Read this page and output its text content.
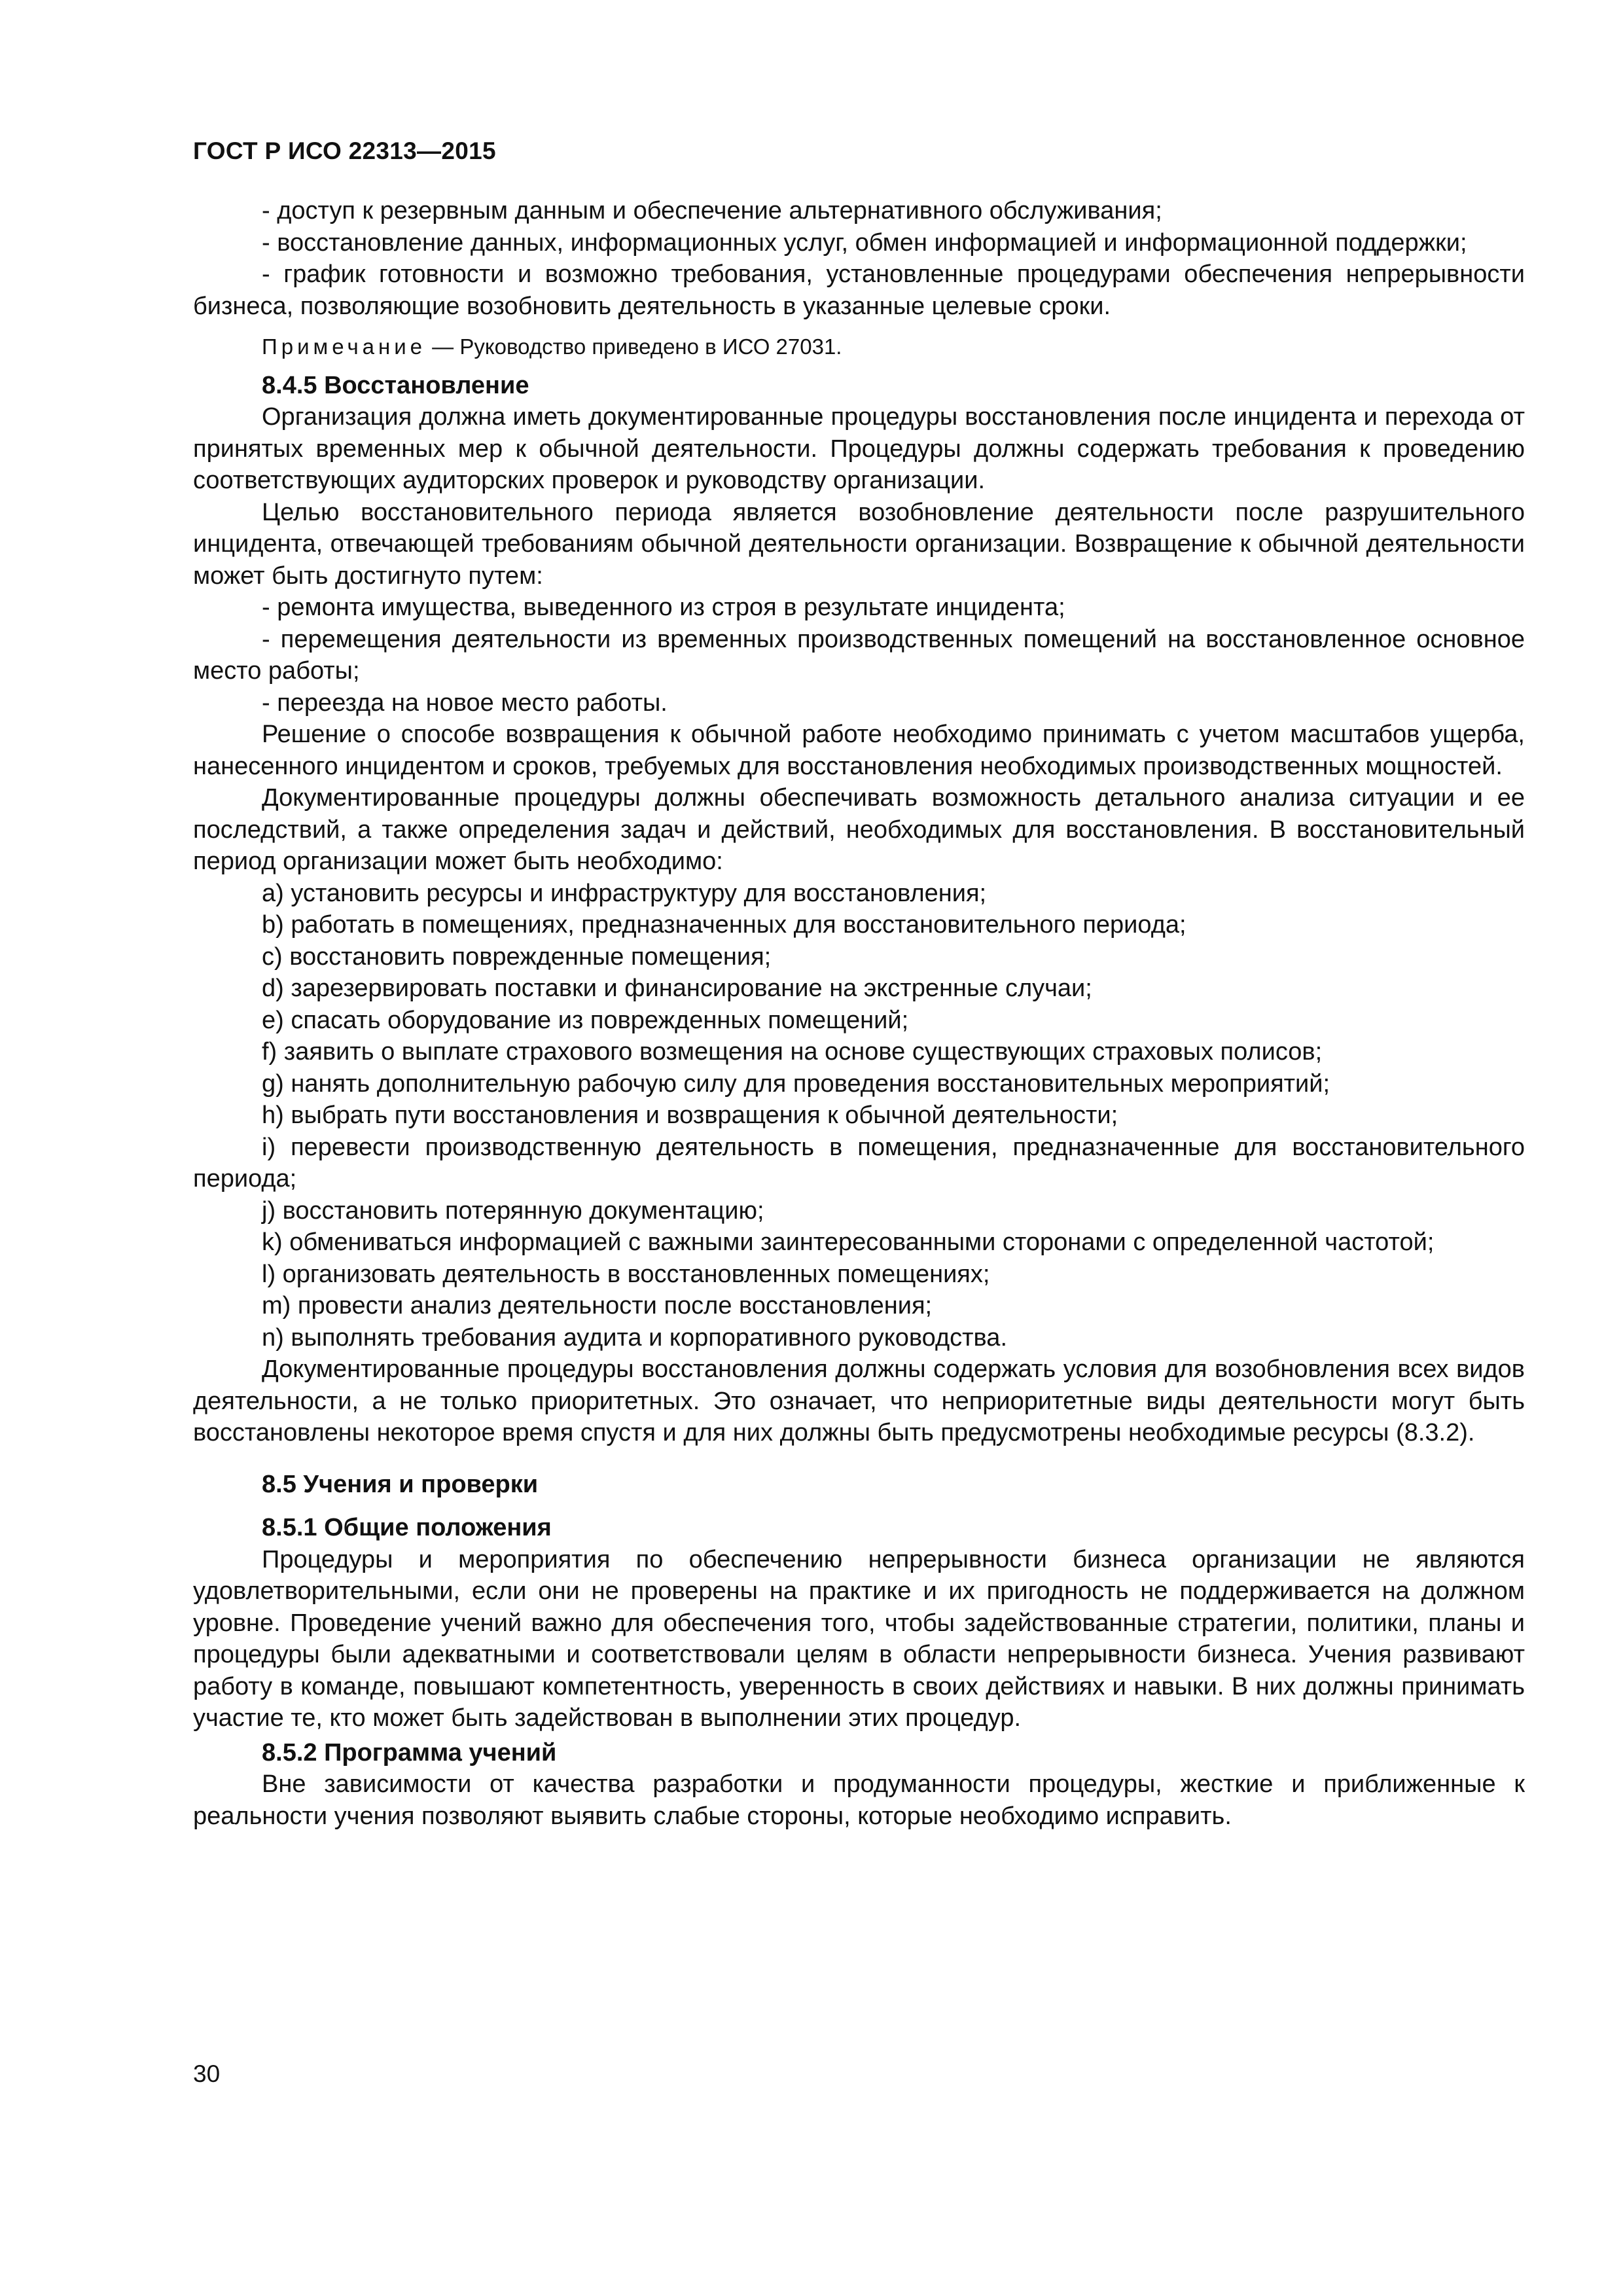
ГОСТ Р ИСО 22313—2015

- доступ к резервным данным и обеспечение альтернативного обслуживания;

- восстановление данных, информационных услуг, обмен информацией и информационной поддержки;

- график готовности и возможно требования, установленные процедурами обеспечения непрерывности бизнеса, позволяющие возобновить деятельность в указанные целевые сроки.

Примечание — Руководство приведено в ИСО 27031.

8.4.5 Восстановление

Организация должна иметь документированные процедуры восстановления после инцидента и перехода от принятых временных мер к обычной деятельности. Процедуры должны содержать требования к проведению соответствующих аудиторских проверок и руководству организации.

Целью восстановительного периода является возобновление деятельности после разрушительного инцидента, отвечающей требованиям обычной деятельности организации. Возвращение к обычной деятельности может быть достигнуто путем:

- ремонта имущества, выведенного из строя в результате инцидента;

- перемещения деятельности из временных производственных помещений на восстановленное основное место работы;

- переезда на новое место работы.

Решение о способе возвращения к обычной работе необходимо принимать с учетом масштабов ущерба, нанесенного инцидентом и сроков, требуемых для восстановления необходимых производственных мощностей.

Документированные процедуры должны обеспечивать возможность детального анализа ситуации и ее последствий, а также определения задач и действий, необходимых для восстановления. В восстановительный период организации может быть необходимо:

a) установить ресурсы и инфраструктуру для восстановления;

b) работать в помещениях, предназначенных для восстановительного периода;

c) восстановить поврежденные помещения;

d) зарезервировать поставки и финансирование на экстренные случаи;

e) спасать оборудование из поврежденных помещений;

f) заявить о выплате страхового возмещения на основе существующих страховых полисов;

g) нанять дополнительную рабочую силу для проведения восстановительных мероприятий;

h) выбрать пути восстановления и возвращения к обычной деятельности;

i) перевести производственную деятельность в помещения, предназначенные для восстановительного периода;

j) восстановить потерянную документацию;

k) обмениваться информацией с важными заинтересованными сторонами с определенной частотой;

l) организовать деятельность в восстановленных помещениях;

m) провести анализ деятельности после восстановления;

n) выполнять требования аудита и корпоративного руководства.

Документированные процедуры восстановления должны содержать условия для возобновления всех видов деятельности, а не только приоритетных. Это означает, что неприоритетные виды деятельности могут быть восстановлены некоторое время спустя и для них должны быть предусмотрены необходимые ресурсы (8.3.2).

8.5 Учения и проверки
8.5.1 Общие положения

Процедуры и мероприятия по обеспечению непрерывности бизнеса организации не являются удовлетворительными, если они не проверены на практике и их пригодность не поддерживается на должном уровне. Проведение учений важно для обеспечения того, чтобы задействованные стратегии, политики, планы и процедуры были адекватными и соответствовали целям в области непрерывности бизнеса. Учения развивают работу в команде, повышают компетентность, уверенность в своих действиях и навыки. В них должны принимать участие те, кто может быть задействован в выполнении этих процедур.

8.5.2 Программа учений

Вне зависимости от качества разработки и продуманности процедуры, жесткие и приближенные к реальности учения позволяют выявить слабые стороны, которые необходимо исправить.

30
